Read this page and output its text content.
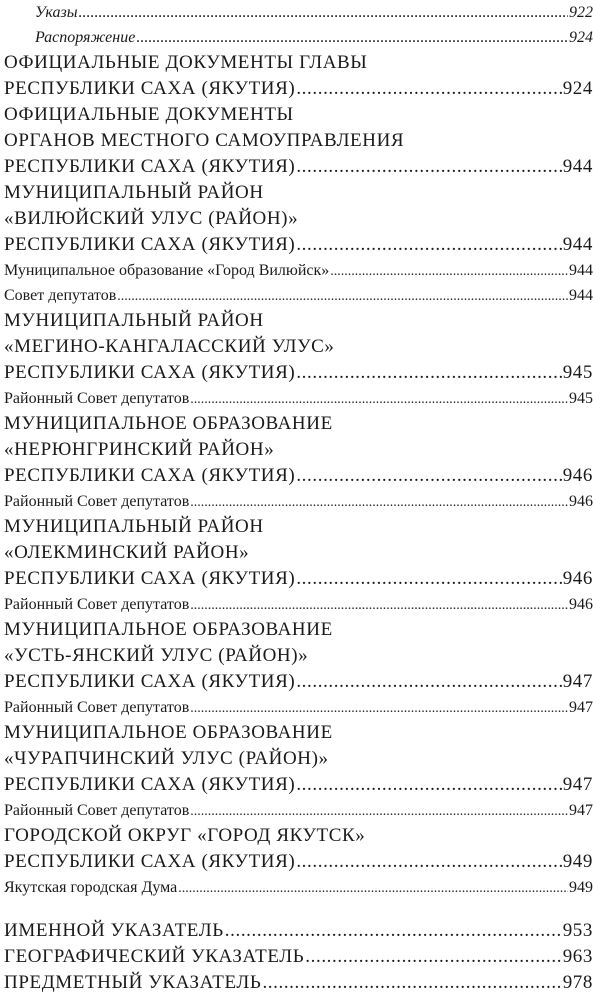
Указы .....	922
Распоряжение .....	924
ОФИЦИАЛЬНЫЕ ДОКУМЕНТЫ ГЛАВЫ
РЕСПУБЛИКИ САХА (ЯКУТИЯ) .....	924
ОФИЦИАЛЬНЫЕ ДОКУМЕНТЫ
ОРГАНОВ МЕСТНОГО САМОУПРАВЛЕНИЯ
РЕСПУБЛИКИ САХА (ЯКУТИЯ) .....	944
МУНИЦИПАЛЬНЫЙ РАЙОН
«ВИЛЮЙСКИЙ УЛУС (РАЙОН)»
РЕСПУБЛИКИ САХА (ЯКУТИЯ) .....	944
Муниципальное образование «Город Вилюйск» .....	944
Совет депутатов .....	944
МУНИЦИПАЛЬНЫЙ РАЙОН
«МЕГИНО-КАНГАЛАССКИЙ УЛУС»
РЕСПУБЛИКИ САХА (ЯКУТИЯ) .....	945
Районный Совет депутатов .....	945
МУНИЦИПАЛЬНОЕ ОБРАЗОВАНИЕ
«НЕРЮНГРИНСКИЙ РАЙОН»
РЕСПУБЛИКИ САХА (ЯКУТИЯ) .....	946
Районный Совет депутатов .....	946
МУНИЦИПАЛЬНЫЙ РАЙОН
«ОЛЕКМИНСКИЙ РАЙОН»
РЕСПУБЛИКИ САХА (ЯКУТИЯ) .....	946
Районный Совет депутатов .....	946
МУНИЦИПАЛЬНОЕ ОБРАЗОВАНИЕ
«УСТЬ-ЯНСКИЙ УЛУС (РАЙОН)»
РЕСПУБЛИКИ САХА (ЯКУТИЯ) .....	947
Районный Совет депутатов .....	947
МУНИЦИПАЛЬНОЕ ОБРАЗОВАНИЕ
«ЧУРАПЧИНСКИЙ УЛУС (РАЙОН)»
РЕСПУБЛИКИ САХА (ЯКУТИЯ) .....	947
Районный Совет депутатов .....	947
ГОРОДСКОЙ ОКРУГ «ГОРОД ЯКУТСК»
РЕСПУБЛИКИ САХА (ЯКУТИЯ) .....	949
Якутская городская Дума .....	949
ИМЕННОЙ УКАЗАТЕЛЬ .....	953
ГЕОГРАФИЧЕСКИЙ УКАЗАТЕЛЬ .....	963
ПРЕДМЕТНЫЙ УКАЗАТЕЛЬ .....	978
